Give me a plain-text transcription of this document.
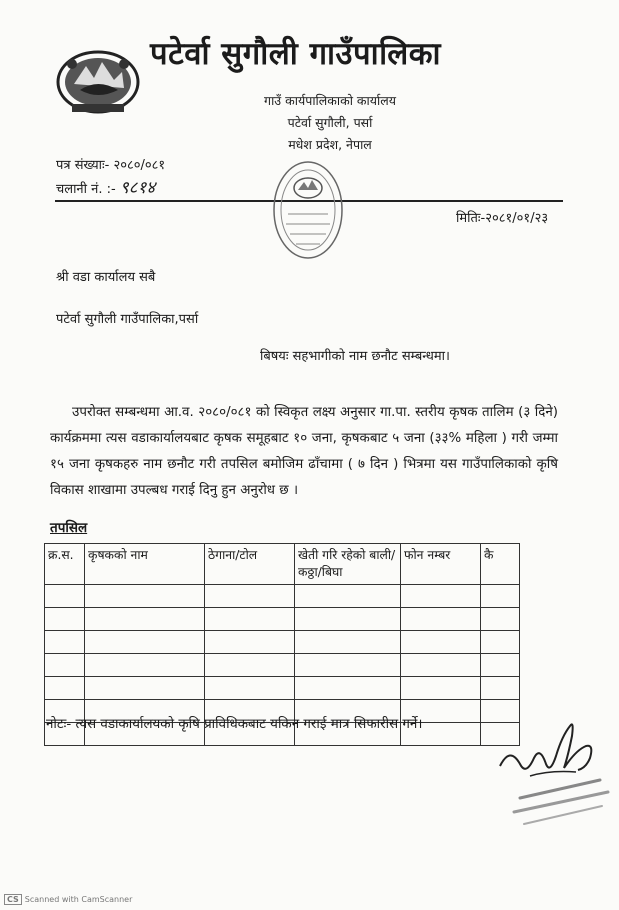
पटेर्वा सुगौली गाउँपालिका
गाउँ कार्यपालिकाको कार्यालय
पटेर्वा सुगौली, पर्सा
मधेश प्रदेश, नेपाल
पत्र संख्याः- २०८०/०८१
चलानी नं. :- ९८१४
मितिः-२०८१/०१/२३
श्री वडा कार्यालय सबै
पटेर्वा सुगौली गाउँपालिका,पर्सा
बिषयः सहभागीको नाम छनौट सम्बन्धमा।
उपरोक्त सम्बन्धमा आ.व. २०८०/०८१ को स्विकृत लक्ष्य अनुसार गा.पा. स्तरीय कृषक तालिम (३ दिने) कार्यक्रममा त्यस वडाकार्यालयबाट कृषक समूहबाट १० जना, कृषकबाट ५ जना (३३% महिला ) गरी जम्मा १५ जना कृषकहरु नाम छनौट गरी तपसिल बमोजिम ढाँचामा ( ७ दिन ) भित्रमा यस गाउँपालिकाको कृषि विकास शाखामा उपल्बध गराई दिनु हुन अनुरोध छ ।
तपसिल
क्र.स.	कृषकको नाम	ठेगाना/टोल	खेती गरि रहेको बाली/ कठ्ठा/बिघा	फोन नम्बर	कै

नोटः- त्यस वडाकार्यालयको कृषि प्राविधिकबाट यकिन गराई मात्र सिफारीस गर्ने।
CS Scanned with CamScanner
